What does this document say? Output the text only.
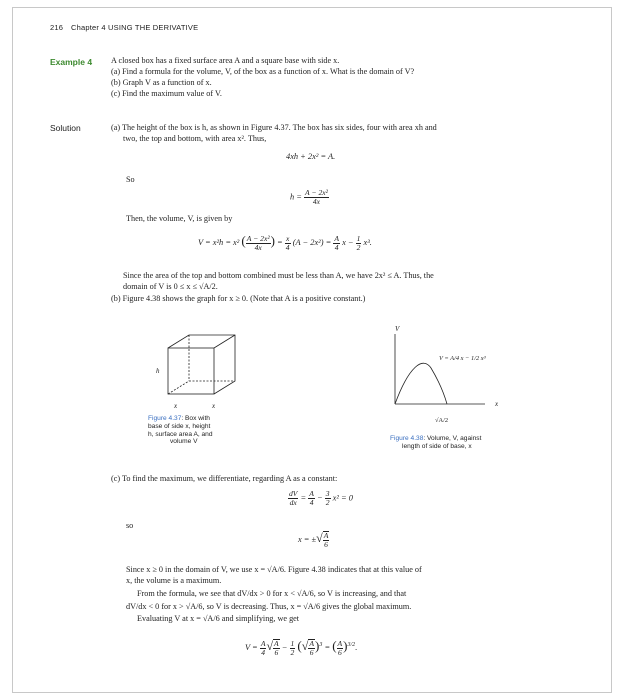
216 Chapter 4 USING THE DERIVATIVE
Example 4 A closed box has a fixed surface area A and a square base with side x.
(a) Find a formula for the volume, V, of the box as a function of x. What is the domain of V?
(b) Graph V as a function of x.
(c) Find the maximum value of V.
Solution	(a) The height of the box is h, as shown in Figure 4.37. The box has six sides, four with area xh and
two, the top and bottom, with area x². Thus,
4xh + 2x² = A.
So
$h = \frac{\text{A − 2x²}}{4x}$
Then, the volume, V, is given by
V = x²h = x² ( $\frac{\text{A − 2x²}}{4x}$ ) = $\frac{x}{4} (A - 2x^2) = \frac{A}{4}$ $x - \frac{1}{2} x^3$.
Since the area of the top and bottom combined must be less than A, we have 2x² ≤ A. Thus, the
domain of V is 0 ≤ x ≤ √A/2.
(b) Figure 4.38 shows the graph for x ≥ 0. (Note that A is a positive constant.)
h
x	x
Figure 4.37: Box with
base of side x, height
h, surface area A, and
volume V
V
x
V = A/4 x − 1/2 x³
√A/2
Figure 4.38: Volume, V, against
length of side of base, x
(c) To find the maximum, we differentiate, regarding A as a constant:
$\frac{dV}{dx} = \frac{A}{4} - \frac{3}{2} x^2 = 0$
so
x = ±√ $\frac{A}{6}$
Since x ≥ 0 in the domain of V, we use x = √A/6. Figure 4.38 indicates that at this value of
x, the volume is a maximum.
From the formula, we see that dV/dx > 0 for x < √A/6, so V is increasing, and that
dV/dx < 0 for x > √A/6, so V is decreasing. Thus, x = √A/6 gives the global maximum.
Evaluating V at x = √A/6 and simplifying, we get
$V = \frac{A}{4}$ √ $\frac{A}{6} - \frac{1}{2}$ (√ $\frac{A}{6} )^3$ = ( $\frac{A}{6} )^{3/2}$.
